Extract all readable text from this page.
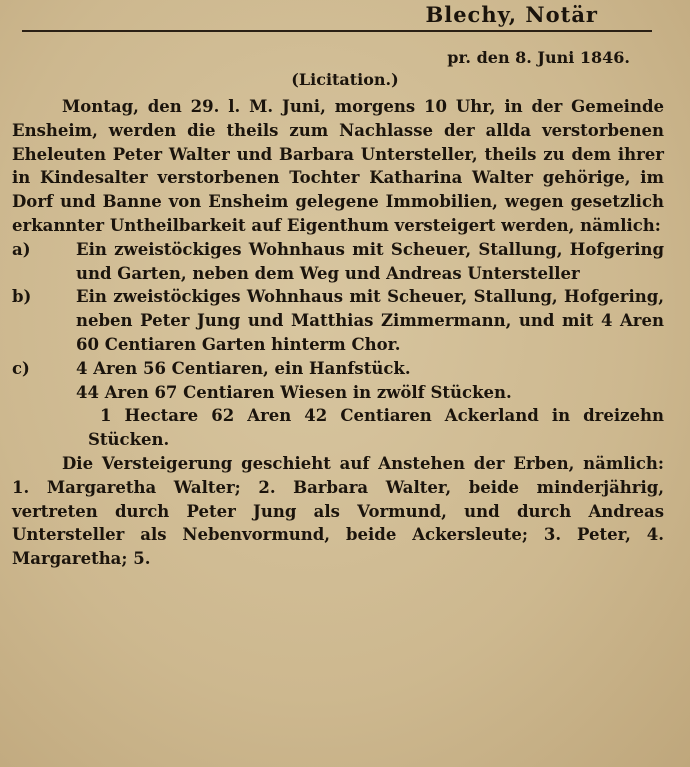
Blechy, Notär
pr. den 8. Juni 1846.
(Licitation.)

Montag, den 29. l. M. Juni, morgens 10 Uhr, in der Gemeinde Ensheim, werden die theils zum Nachlasse der allda verstorbenen Eheleuten Peter Walter und Barbara Untersteller, theils zu dem ihrer in Kindesalter verstorbenen Tochter Katharina Walter gehörige, im Dorf und Banne von Ensheim gelegene Immobilien, wegen gesetzlich erkannter Untheilbarkeit auf Eigenthum versteigert werden, nämlich:

a)	Ein zweistöckiges Wohnhaus mit Scheuer, Stallung, Hofgering und Garten, neben dem Weg und Andreas Untersteller
b)	Ein zweistöckiges Wohnhaus mit Scheuer, Stallung, Hofgering, neben Peter Jung und Matthias Zimmermann, und mit 4 Aren 60 Centiaren Garten hinterm Chor.
c)	4 Aren 56 Centiaren, ein Hanfstück.

44 Aren 67 Centiaren Wiesen in zwölf Stücken.

1 Hectare 62 Aren 42 Centiaren Ackerland in dreizehn Stücken.

Die Versteigerung geschieht auf Anstehen der Erben, nämlich: 1. Margaretha Walter; 2. Barbara Walter, beide minderjährig, vertreten durch Peter Jung als Vormund, und durch Andreas Untersteller als Nebenvormund, beide Ackersleute; 3. Peter, 4. Margaretha; 5.
